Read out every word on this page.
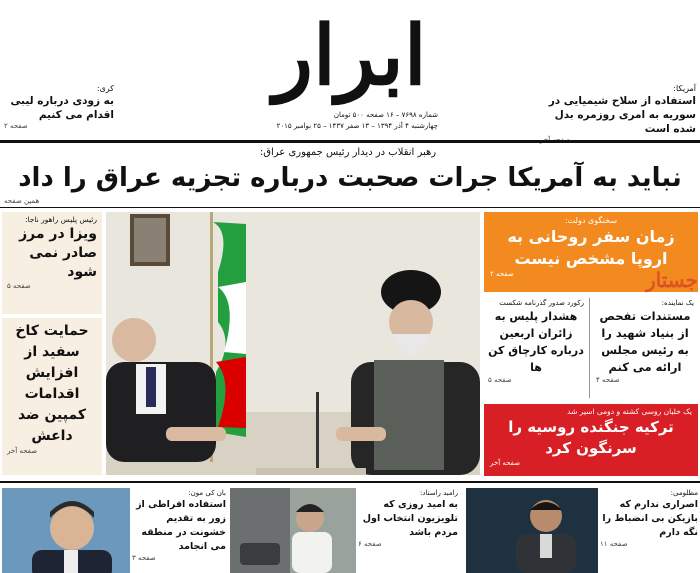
ابرار
شماره ۷۶۹۸ – ۱۶ صفحه ۵۰۰ تومان
چهارشنبه ۴ آذر ۱۳۹۴ – ۱۳ صفر ۱۴۳۷ – ۲۵ نوامبر ۲۰۱۵
آمریکا:
استفاده از سلاح شیمیایی در سوریه به امری روزمره بدل شده است
کری:
به زودی درباره لیبی اقدام می کنیم
صفحه ۲
رهبر انقلاب در دیدار رئیس جمهوری عراق:
نباید به آمریکا جرات صحبت درباره تجزیه عراق را داد
همین صفحه
رئیس پلیس راهور ناجا:
ویزا در مرز صادر نمی شود
صفحه ۵
حمایت کاخ سفید از افزایش اقدامات کمپین ضد داعش
صفحه آخر
سخنگوی دولت:
زمان سفر روحانی به اروپا مشخص نیست
صفحه ۲	جستار
رکورد صدور گذرنامه شکست
هشدار پلیس به زائران اربعین درباره کارچاق کن ها
صفحه ۵
یک نماینده:
مستندات تفحص از بنیاد شهید را به رئیس مجلس ارائه می کنم
صفحه ۴
یک خلبان روسی کشته و دومی اسیر شد
ترکیه جنگنده روسیه را سرنگون کرد
صفحه آخر
بان کی مون:
استفاده افراطی از زور به تقدیم خشونت در منطقه می انجامد
صفحه ۳
رامبد راستاد:
به امید روزی که تلویزیون انتخاب اول مردم باشد
صفحه ۶
مظلومی:
اصراری ندارم که بازیکن بی انضباط را نگه دارم
صفحه ۱۱
